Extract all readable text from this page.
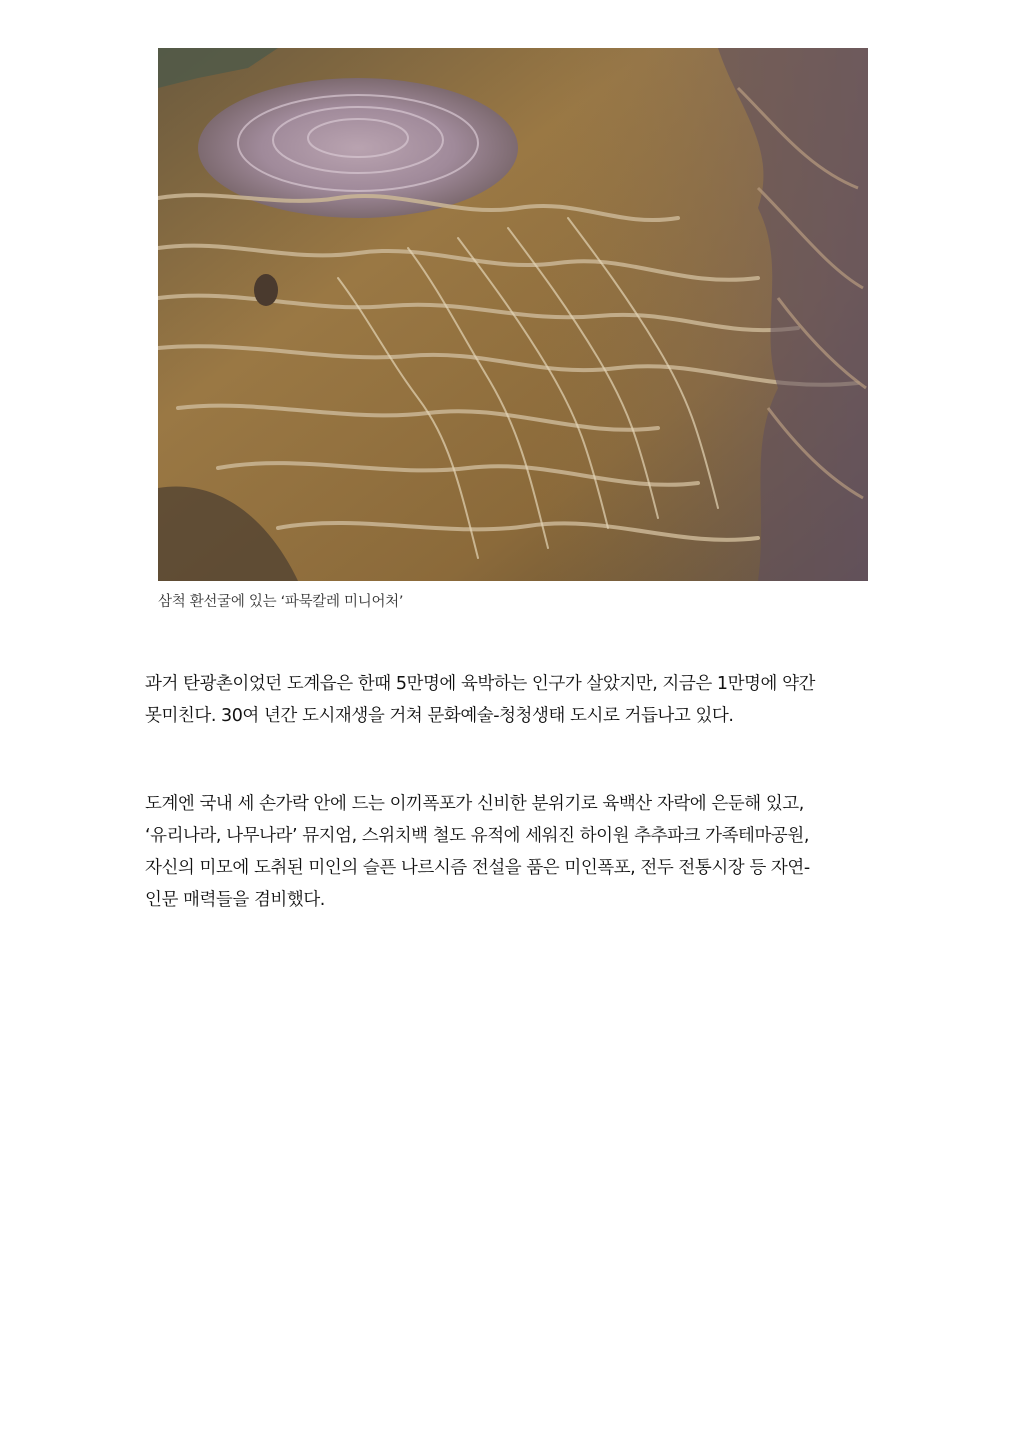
삼척 환선굴에 있는 ‘파묵칼레 미니어처’

과거 탄광촌이었던 도계읍은 한때 5만명에 육박하는 인구가 살았지만, 지금은 1만명에 약간
못미친다. 30여 년간 도시재생을 거쳐 문화예술-청청생태 도시로 거듭나고 있다.

도계엔 국내 세 손가락 안에 드는 이끼폭포가 신비한 분위기로 육백산 자락에 은둔해 있고,
‘유리나라, 나무나라’ 뮤지엄, 스위치백 철도 유적에 세워진 하이원 추추파크 가족테마공원,
자신의 미모에 도취된 미인의 슬픈 나르시즘 전설을 품은 미인폭포, 전두 전통시장 등 자연-
인문 매력들을 겸비했다.
